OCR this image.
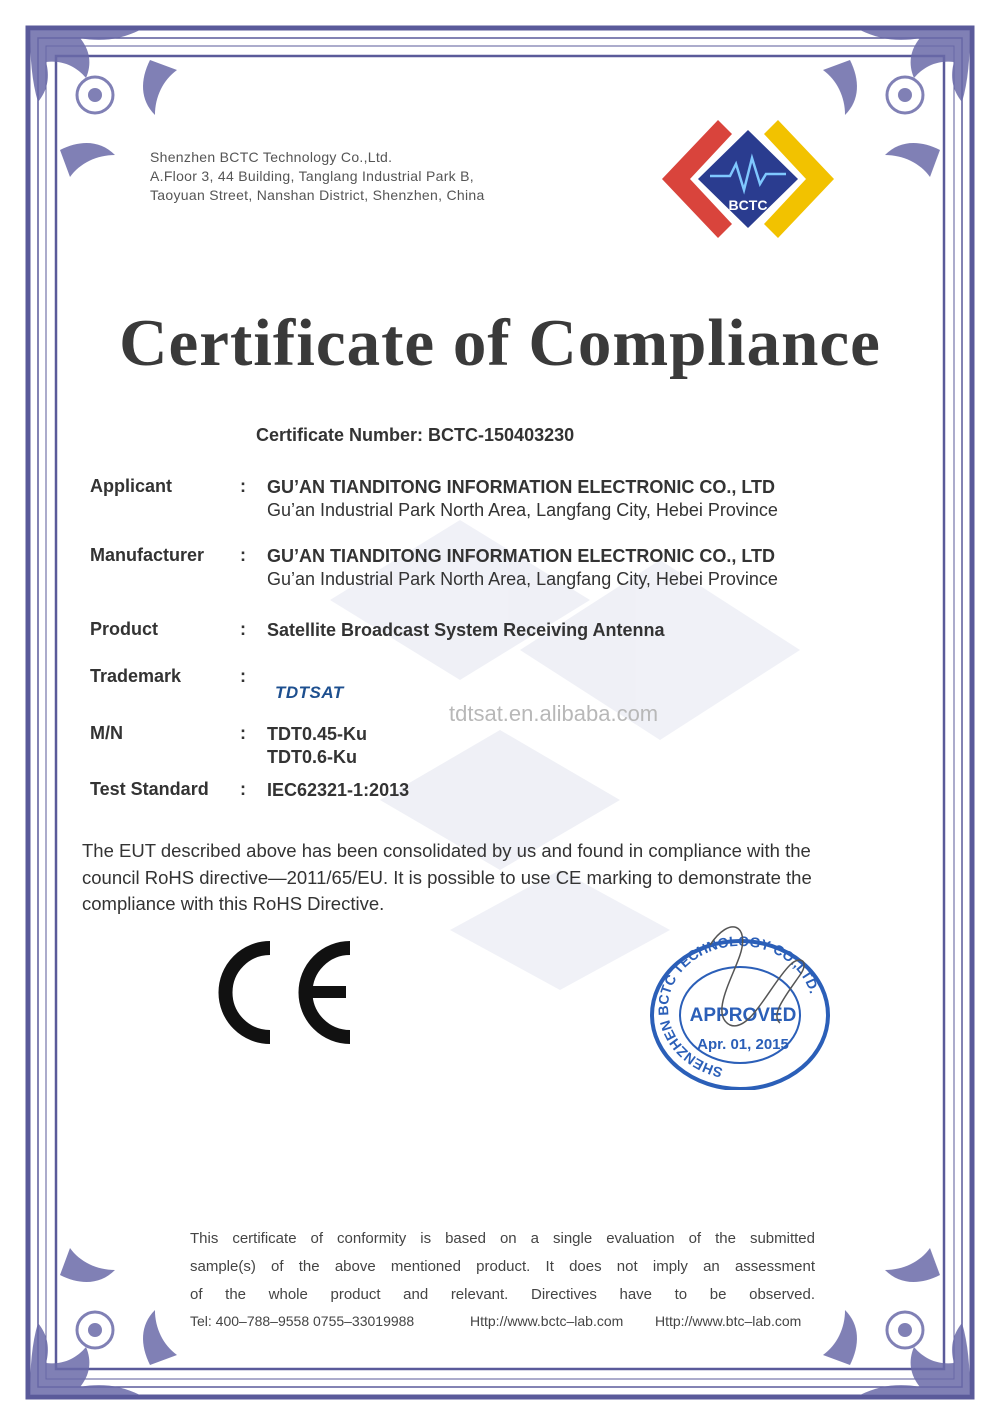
Shenzhen BCTC Technology Co.,Ltd.
A.Floor 3, 44 Building, Tanglang Industrial Park B,
Taoyuan Street, Nanshan District, Shenzhen, China
BCTC
Certificate of Compliance
Certificate Number: BCTC-150403230
Applicant	: GU’AN TIANDITONG INFORMATION ELECTRONIC CO., LTD
Gu’an Industrial Park North Area, Langfang City, Hebei Province
Manufacturer : GU’AN TIANDITONG INFORMATION ELECTRONIC CO., LTD
Gu’an Industrial Park North Area, Langfang City, Hebei Province
Product	: Satellite Broadcast System Receiving Antenna
Trademark	:
TDTSAT
tdtsat.en.alibaba.com
M/N	: TDT0.45-Ku
TDT0.6-Ku
Test Standard : IEC62321-1:2013
The EUT described above has been consolidated by us and found in compliance with the
council RoHS directive—2011/65/EU. It is possible to use CE marking to demonstrate the
compliance with this RoHS Directive.
SHENZHEN BCTC TECHNOLOGY CO.,LTD.
APPROVED
Apr. 01, 2015
This certificate of conformity is based on a single evaluation of the submitted
sample(s) of the above mentioned product. It does not imply an assessment
of the whole product and relevant. Directives have to be observed.
Tel: 400–788–9558 0755–33019988	Http://www.bctc–lab.com Http://www.btc–lab.com
